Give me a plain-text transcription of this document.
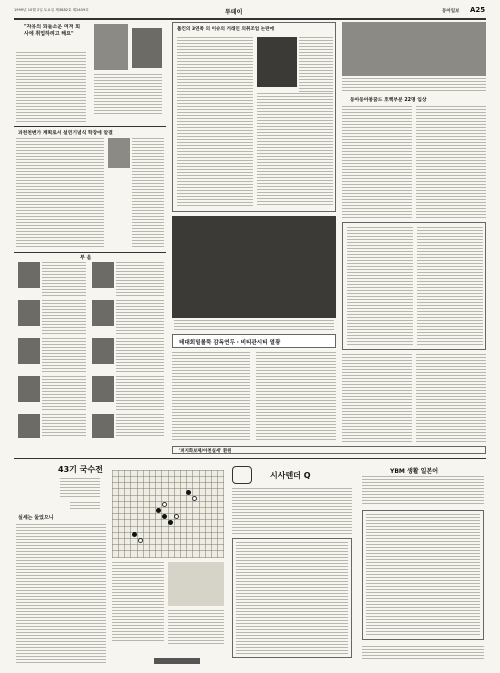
1999년 10월 2일 토요일 제3882호 제2409호	투데이	동아일보 A25
"자유의 되돌소운 여저 회사에 취업하려고 해요"
과천천변가 계획로서 설연기념식 학장에 알결
부 음
톨킨의 3연족 의 이슈의 거래인 의취조업 논란에
테대회밑볼뚝 감독연두・비티관시티 열광
동아동아봉꿈드 호핵부분 22명 입상
'퍼지화보제/아천실세' 환원
43기 국수전
실세는 둘었으니
시사텐더 Q	YBM 생활 일본어
